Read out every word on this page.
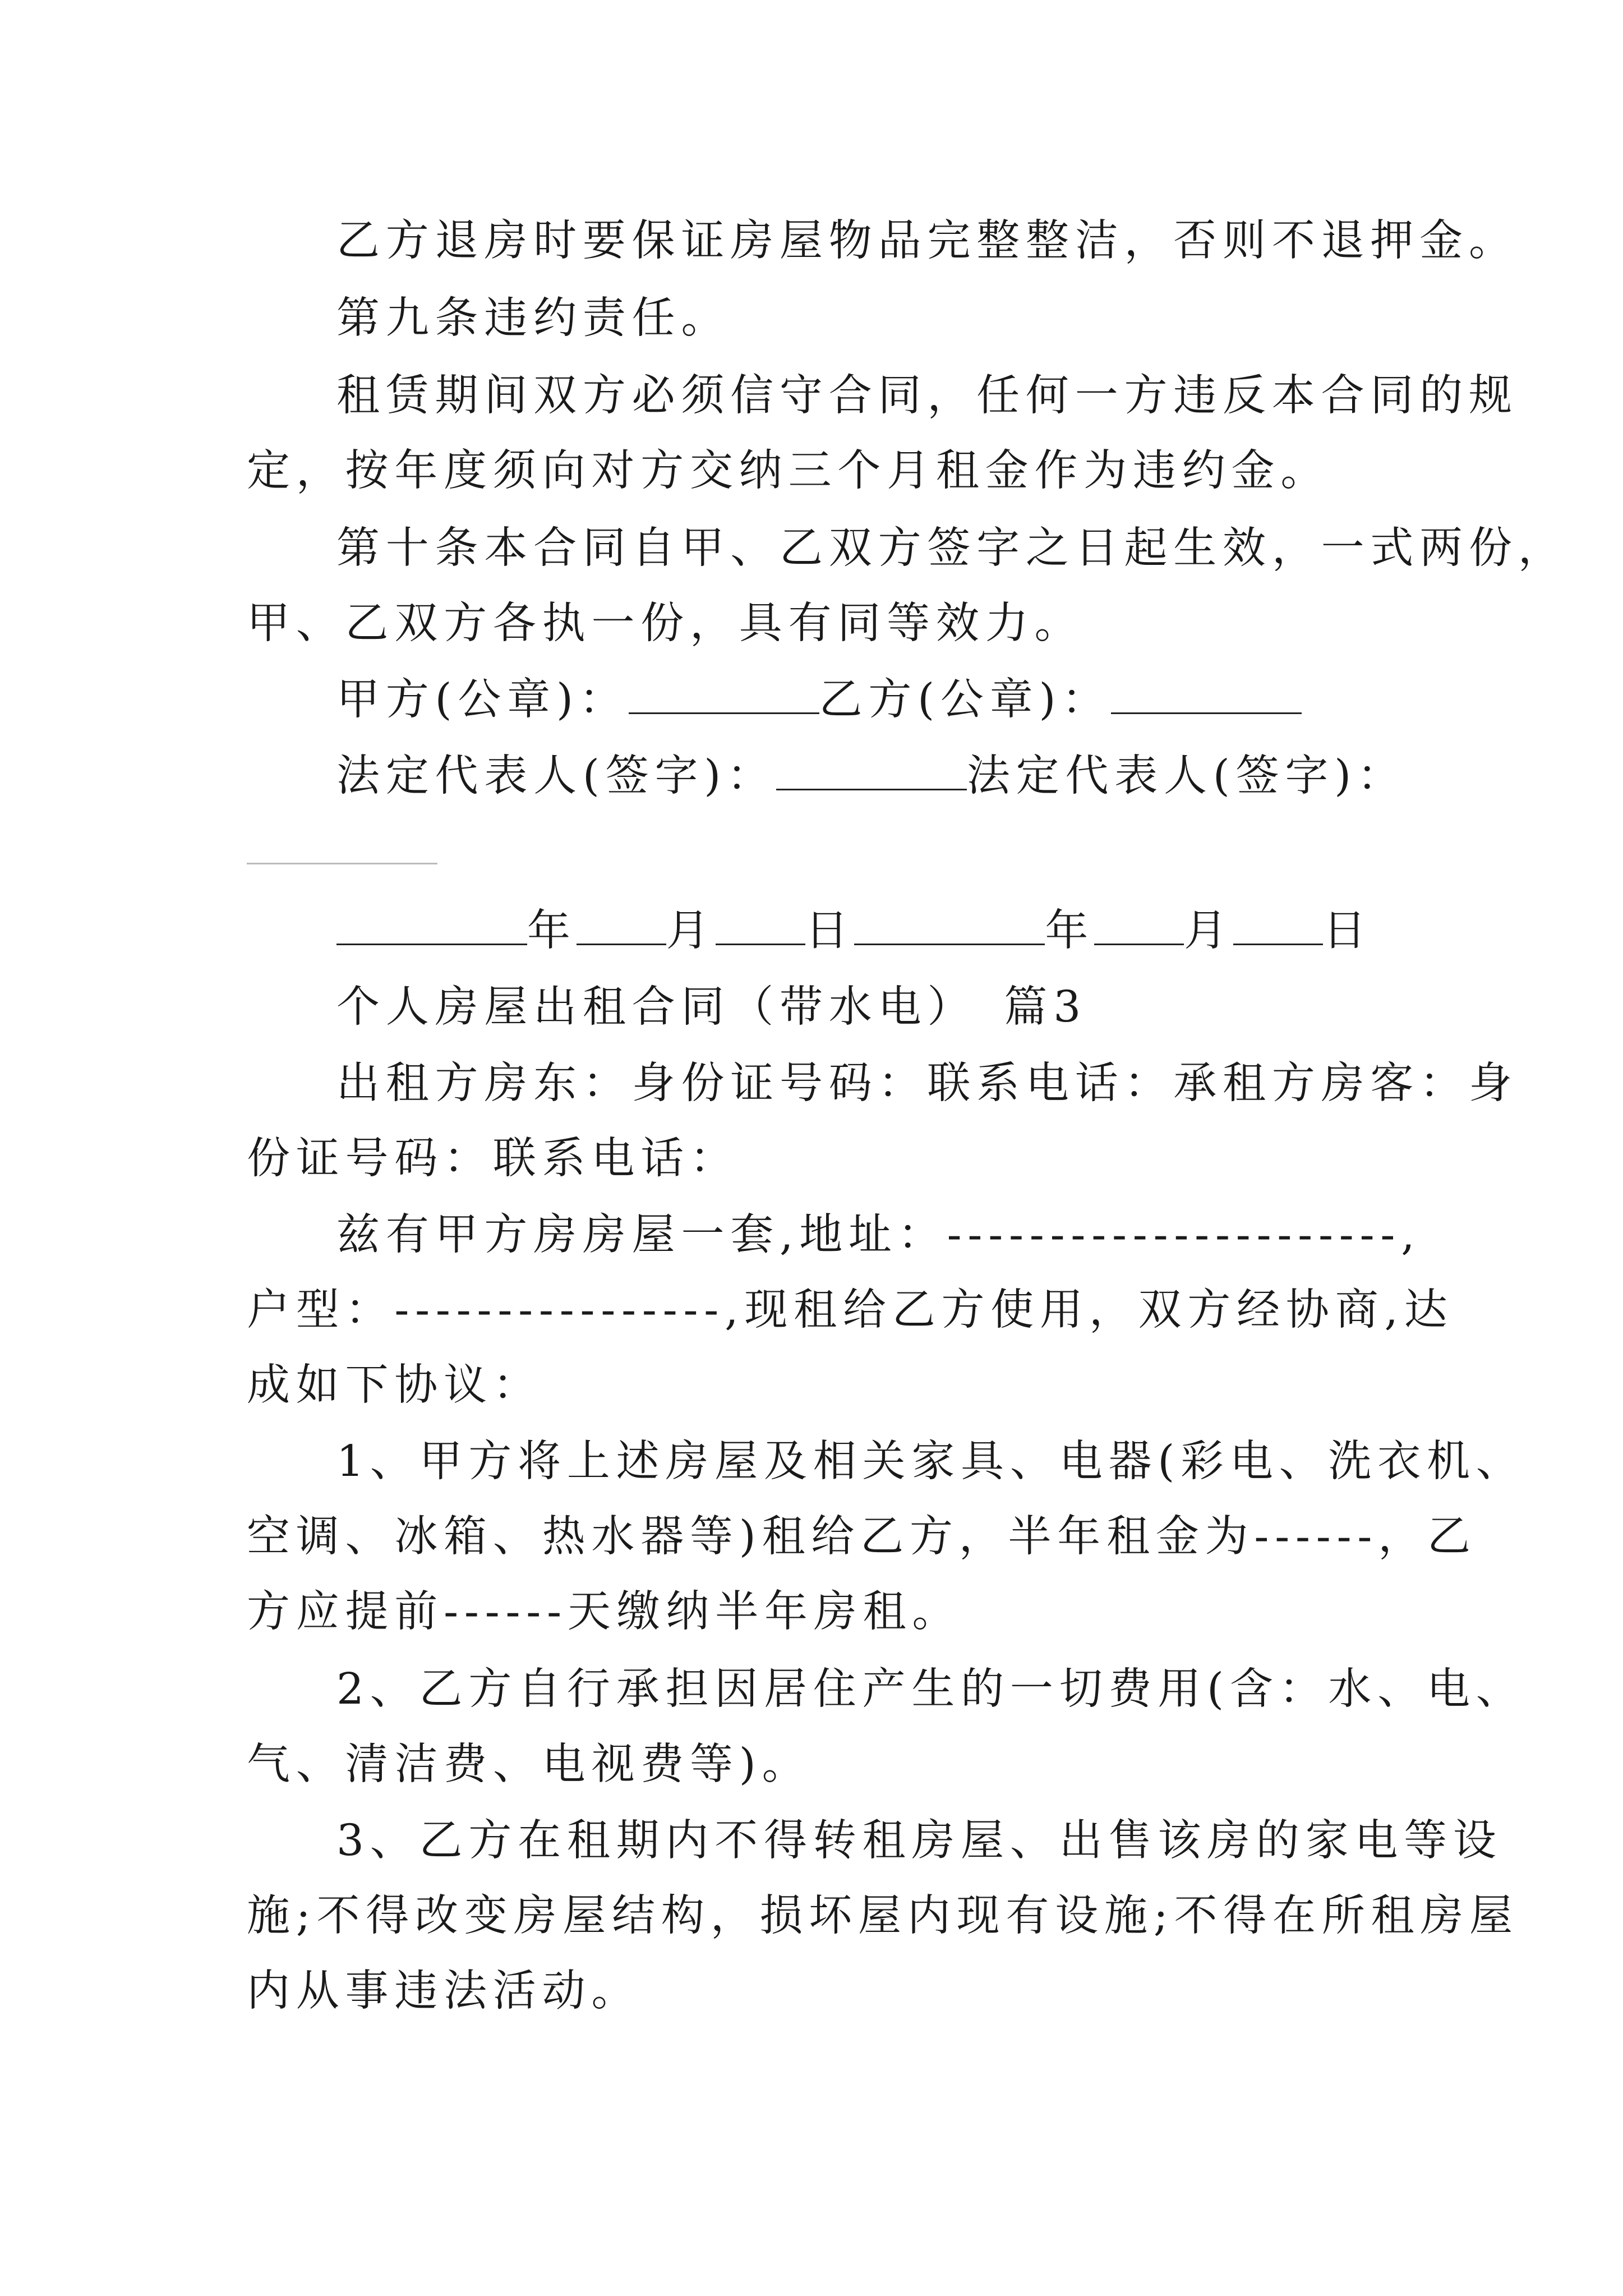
乙方退房时要保证房屋物品完整整洁，否则不退押金。
第九条违约责任。
租赁期间双方必须信守合同，任何一方违反本合同的规
定，按年度须向对方交纳三个月租金作为违约金。
第十条本合同自甲、乙双方签字之日起生效，一式两份，
甲、乙双方各执一份，具有同等效力。
甲方(公章)：	乙方(公章)：
法定代表人(签字)：	法定代表人(签字)：
年 月 日	年 月 日
个人房屋出租合同（带水电）　篇3
出租方房东：身份证号码：联系电话：承租方房客：身
份证号码：联系电话：
兹有甲方房房屋一套,地址：----------------------,
户型：----------------,现租给乙方使用，双方经协商,达
成如下协议：
1、甲方将上述房屋及相关家具、电器(彩电、洗衣机、
空调、冰箱、热水器等)租给乙方，半年租金为------，乙
方应提前------天缴纳半年房租。
2、乙方自行承担因居住产生的一切费用(含：水、电、
气、清洁费、电视费等)。
3、乙方在租期内不得转租房屋、出售该房的家电等设
施;不得改变房屋结构，损坏屋内现有设施;不得在所租房屋
内从事违法活动。
